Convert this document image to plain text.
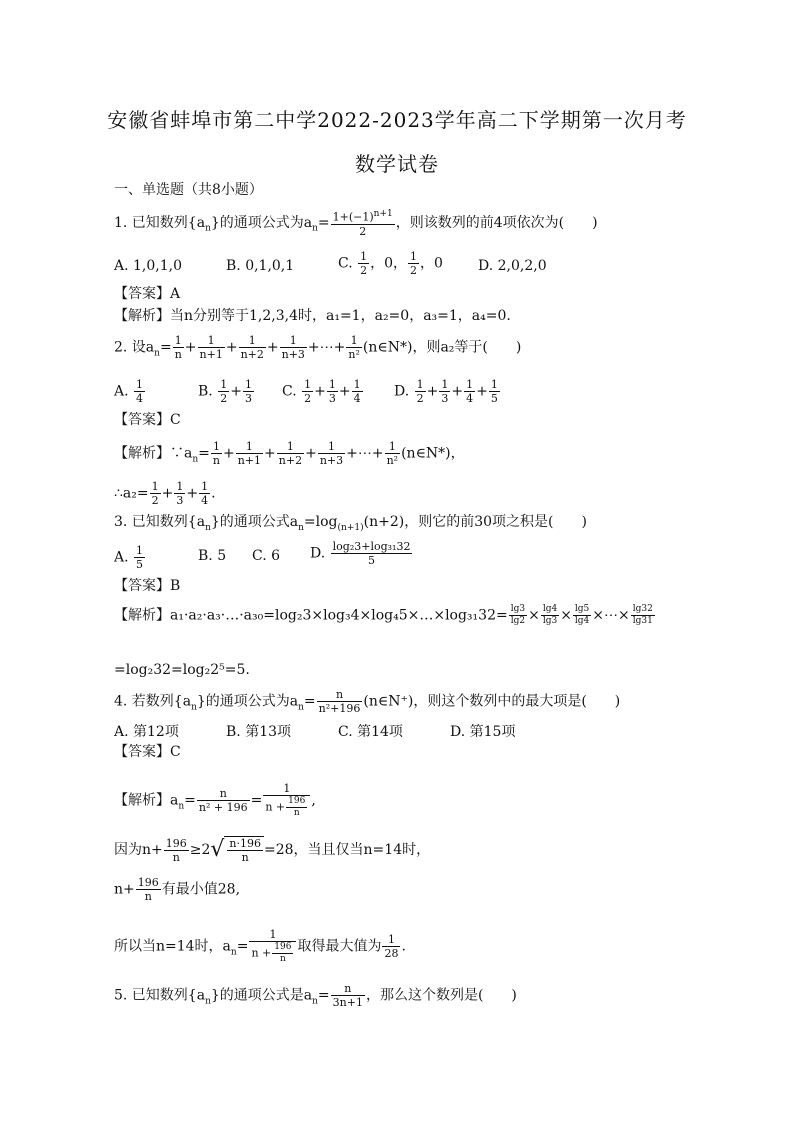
安徽省蚌埠市第二中学2022-2023学年高二下学期第一次月考
数学试卷
一、单选题（共8小题）
1. 已知数列$\{a_n\}$的通项公式为$a_n= \frac{1+(-1)^{n+1}}{2}$ ，则该数列的前4项依次为(　　)
A. 1,0,1,0	B. 0,1,0,1	C. $\frac{1}{2}$ ，0， $\frac{1}{2}$ ，0	D. 2,0,2,0
【答案】A
【解析】当n分别等于1,2,3,4时，a₁=1，a₂=0，a₃=1，a₄=0.
2. 设$a_n= \frac{1}{n} + \frac{1}{n+1} + \frac{1}{n+2} + \frac{1}{n+3}$ +⋯+ $\frac{1}{\text{n²}}$ (n∈N*)，则a₂等于(　　)
A. $\frac{1}{4}$	B. $\frac{1}{2} + \frac{1}{3} C$. $\frac{1}{2} + \frac{1}{3} + \frac{1}{4} D$. $\frac{1}{2} + \frac{1}{3} + \frac{1}{4} + \frac{1}{5}$
【答案】C
【解析】$\because a_n= \frac{1}{n} + \frac{1}{n+1} + \frac{1}{n+2} + \frac{1}{n+3}$ +⋯+ $\frac{1}{\text{n²}}$ (n∈N*)，
∴a₂= $\frac{1}{2} + \frac{1}{3} + \frac{1}{4}$ .
3. 已知数列$\{a_n\}$的通项公式$a_n=\log_{(n+1)}(n+2)$，则它的前30项之积是(　　)
A. $\frac{1}{5}$	B. 5 C. 6 D. $\frac{\text{log₂3+log₃₁32}}{5}$
【答案】B
【解析】a₁·a₂·a₃·…·a₃₀=log₂3×log₃4×log₄5×…×log₃₁32= $\frac{\lg 3}{\lg 2} \times \frac{\lg 4}{\lg 3} \times \frac{\lg 5}{\lg 4}$ ×⋯× $\frac{\lg 32}{\lg 31}$
=log₂32=log₂2⁵=5.
4. 若数列$\{a_n\}$的通项公式为$a_n= \frac{n}{\text{n²+196}}$ (n∈N⁺)，则这个数列中的最大项是(　　)
A. 第12项	B. 第13项	C. 第14项	D. 第15项
【答案】C
【解析】$a_n= \frac{n}{\text{n² + 196}} = \frac{1}{n + \frac{196}{n}}$ ,
因为$n+ \frac{196}{n} \ge 2√ \frac{n\cdot 196}{n} =28$，当且仅当n=14时，
$n+ \frac{196}{n}$ 有最小值28,
所以当n=14时，$a_n= \frac{1}{n + \frac{196}{n}}$ 取得最大值为 $\frac{1}{28}$ .
5. 已知数列$\{a_n\}$的通项公式是$a_n= \frac{n}{3n+1}$ ，那么这个数列是(　　)
